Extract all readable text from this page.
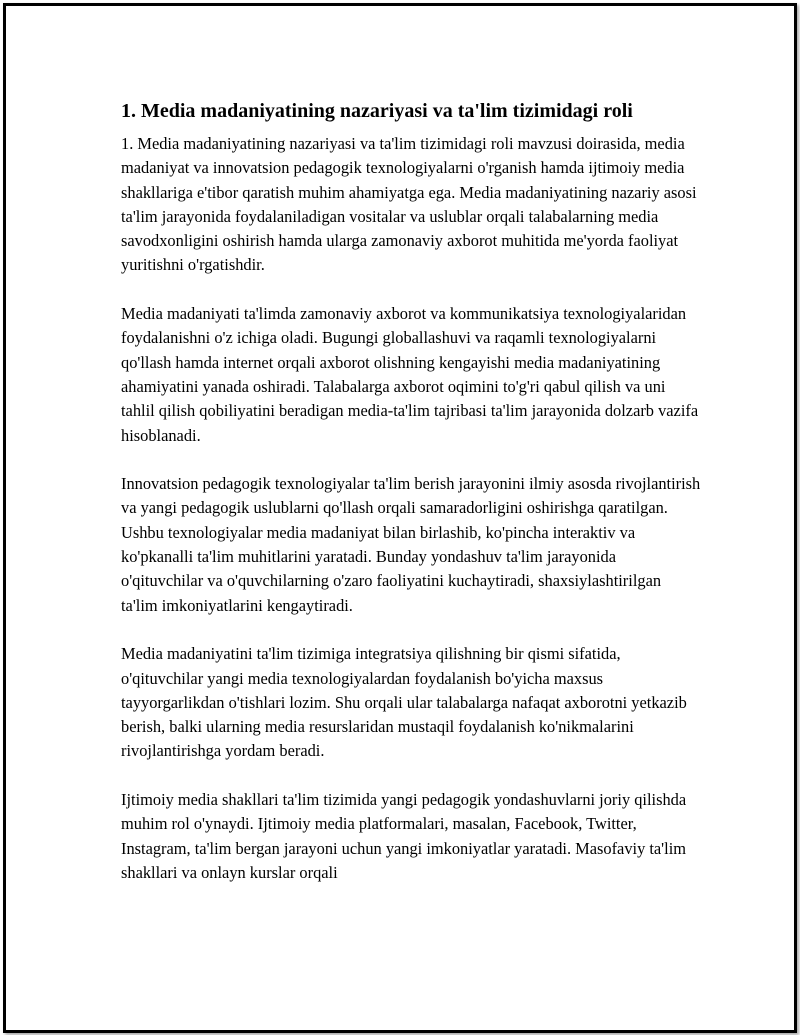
1. Media madaniyatining nazariyasi va ta'lim tizimidagi roli

1. Media madaniyatining nazariyasi va ta'lim tizimidagi roli mavzusi doirasida, media madaniyat va innovatsion pedagogik texnologiyalarni o'rganish hamda ijtimoiy media shakllariga e'tibor qaratish muhim ahamiyatga ega. Media madaniyatining nazariy asosi ta'lim jarayonida foydalaniladigan vositalar va uslublar orqali talabalarning media savodxonligini oshirish hamda ularga zamonaviy axborot muhitida me'yorda faoliyat yuritishni o'rgatishdir.

Media madaniyati ta'limda zamonaviy axborot va kommunikatsiya texnologiyalaridan foydalanishni o'z ichiga oladi. Bugungi globallashuvi va raqamli texnologiyalarni qo'llash hamda internet orqali axborot olishning kengayishi media madaniyatining ahamiyatini yanada oshiradi. Talabalarga axborot oqimini to'g'ri qabul qilish va uni tahlil qilish qobiliyatini beradigan media-ta'lim tajribasi ta'lim jarayonida dolzarb vazifa hisoblanadi.

Innovatsion pedagogik texnologiyalar ta'lim berish jarayonini ilmiy asosda rivojlantirish va yangi pedagogik uslublarni qo'llash orqali samaradorligini oshirishga qaratilgan. Ushbu texnologiyalar media madaniyat bilan birlashib, ko'pincha interaktiv va ko'pkanalli ta'lim muhitlarini yaratadi. Bunday yondashuv ta'lim jarayonida o'qituvchilar va o'quvchilarning o'zaro faoliyatini kuchaytiradi, shaxsiylashtirilgan ta'lim imkoniyatlarini kengaytiradi.

Media madaniyatini ta'lim tizimiga integratsiya qilishning bir qismi sifatida, o'qituvchilar yangi media texnologiyalardan foydalanish bo'yicha maxsus tayyorgarlikdan o'tishlari lozim. Shu orqali ular talabalarga nafaqat axborotni yetkazib berish, balki ularning media resurslaridan mustaqil foydalanish ko'nikmalarini rivojlantirishga yordam beradi.

Ijtimoiy media shakllari ta'lim tizimida yangi pedagogik yondashuvlarni joriy qilishda muhim rol o'ynaydi. Ijtimoiy media platformalari, masalan, Facebook, Twitter, Instagram, ta'lim bergan jarayoni uchun yangi imkoniyatlar yaratadi. Masofaviy ta'lim shakllari va onlayn kurslar orqali
